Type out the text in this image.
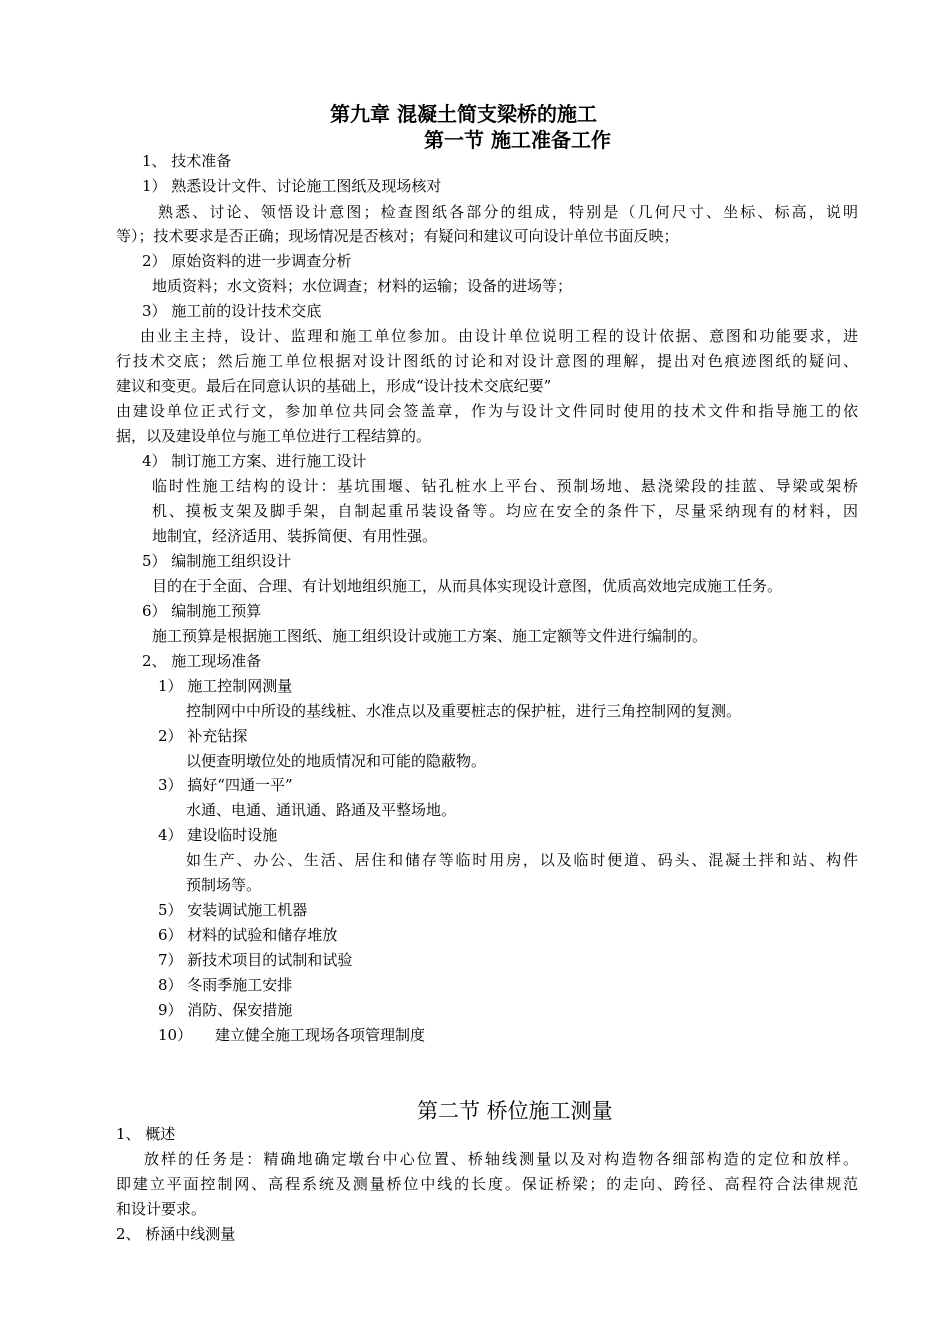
第九章 混凝土简支梁桥的施工
第一节 施工准备工作
1、 技术准备
1） 熟悉设计文件、讨论施工图纸及现场核对
熟悉、讨论、领悟设计意图；检查图纸各部分的组成，特别是（几何尺寸、坐标、标高，说明
等）；技术要求是否正确；现场情况是否核对；有疑问和建议可向设计单位书面反映；
2） 原始资料的进一步调查分析
地质资料；水文资料；水位调查；材料的运输；设备的进场等；
3） 施工前的设计技术交底
由业主主持，设计、监理和施工单位参加。由设计单位说明工程的设计依据、意图和功能要求，进
行技术交底；然后施工单位根据对设计图纸的讨论和对设计意图的理解，提出对色痕迹图纸的疑问、
建议和变更。最后在同意认识的基础上，形成“设计技术交底纪要”
由建设单位正式行文，参加单位共同会签盖章，作为与设计文件同时使用的技术文件和指导施工的依
据，以及建设单位与施工单位进行工程结算的。
4） 制订施工方案、进行施工设计
临时性施工结构的设计：基坑围堰、钻孔桩水上平台、预制场地、悬浇梁段的挂蓝、导梁或架桥
机、摸板支架及脚手架，自制起重吊装设备等。均应在安全的条件下，尽量采纳现有的材料，因
地制宜，经济适用、装拆简便、有用性强。
5） 编制施工组织设计
目的在于全面、合理、有计划地组织施工，从而具体实现设计意图，优质高效地完成施工任务。
6） 编制施工预算
施工预算是根据施工图纸、施工组织设计或施工方案、施工定额等文件进行编制的。
2、 施工现场准备
1） 施工控制网测量
控制网中中所设的基线桩、水准点以及重要桩志的保护桩，进行三角控制网的复测。
2） 补充钻探
以便查明墩位处的地质情况和可能的隐蔽物。
3） 搞好“四通一平”
水通、电通、通讯通、路通及平整场地。
4） 建设临时设施
如生产、办公、生活、居住和储存等临时用房，以及临时便道、码头、混凝土拌和站、构件
预制场等。
5） 安装调试施工机器
6） 材料的试验和储存堆放
7） 新技术项目的试制和试验
8） 冬雨季施工安排
9） 消防、保安措施
10） 建立健全施工现场各项管理制度
第二节 桥位施工测量
1、 概述
放样的任务是：精确地确定墩台中心位置、桥轴线测量以及对构造物各细部构造的定位和放样。
即建立平面控制网、高程系统及测量桥位中线的长度。保证桥梁；的走向、跨径、高程符合法律规范
和设计要求。
2、 桥涵中线测量
